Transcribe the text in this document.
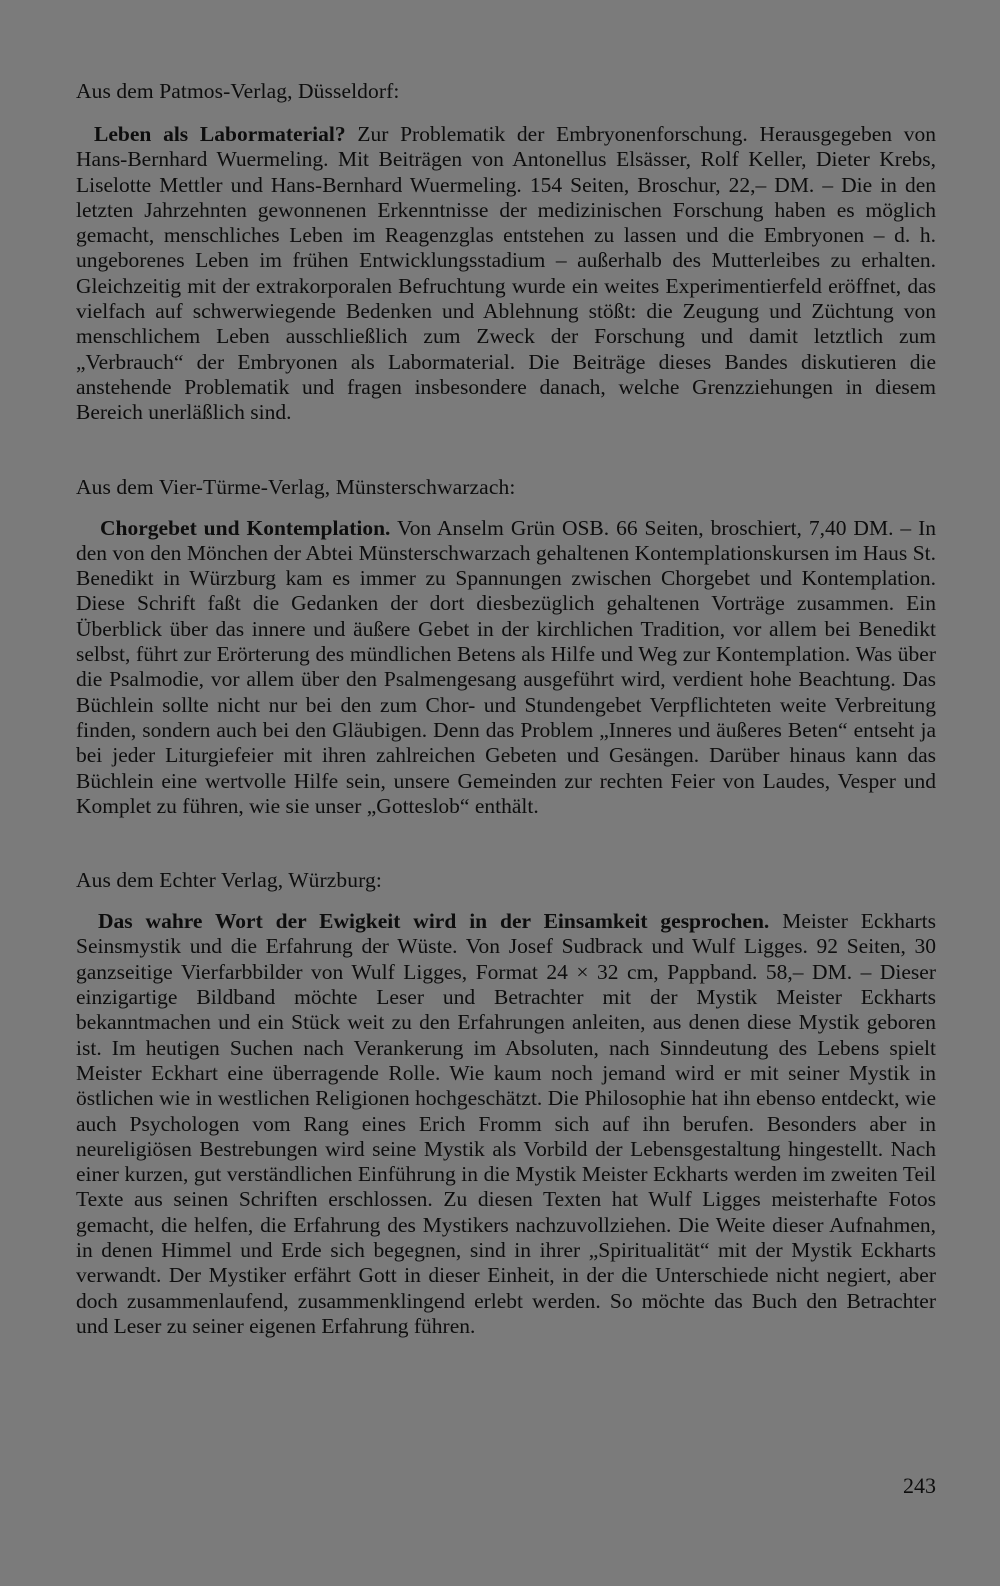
Aus dem Patmos-Verlag, Düsseldorf:

Leben als Labormaterial? Zur Problematik der Embryonenforschung. Herausgegeben von Hans-Bernhard Wuermeling. Mit Beiträgen von Antonellus Elsässer, Rolf Keller, Dieter Krebs, Liselotte Mettler und Hans-Bernhard Wuermeling. 154 Seiten, Broschur, 22,– DM. – Die in den letzten Jahrzehnten gewonnenen Erkenntnisse der medizinischen Forschung haben es möglich gemacht, menschliches Leben im Reagenzglas entstehen zu lassen und die Embryonen – d. h. ungeborenes Leben im frühen Entwicklungsstadium – außerhalb des Mutterleibes zu erhalten. Gleichzeitig mit der extrakorporalen Befruchtung wurde ein weites Experimentierfeld eröffnet, das vielfach auf schwerwiegende Bedenken und Ablehnung stößt: die Zeugung und Züchtung von menschlichem Leben ausschließlich zum Zweck der Forschung und damit letztlich zum „Verbrauch“ der Embryonen als Labormaterial. Die Beiträge dieses Bandes diskutieren die anstehende Problematik und fragen insbesondere danach, welche Grenzziehungen in diesem Bereich unerläßlich sind.

Aus dem Vier-Türme-Verlag, Münsterschwarzach:

Chorgebet und Kontemplation. Von Anselm Grün OSB. 66 Seiten, broschiert, 7,40 DM. – In den von den Mönchen der Abtei Münsterschwarzach gehaltenen Kontemplationskursen im Haus St. Benedikt in Würzburg kam es immer zu Spannungen zwischen Chorgebet und Kontemplation. Diese Schrift faßt die Gedanken der dort diesbezüglich gehaltenen Vorträge zusammen. Ein Überblick über das innere und äußere Gebet in der kirchlichen Tradition, vor allem bei Benedikt selbst, führt zur Erörterung des mündlichen Betens als Hilfe und Weg zur Kontemplation. Was über die Psalmodie, vor allem über den Psalmengesang ausgeführt wird, verdient hohe Beachtung. Das Büchlein sollte nicht nur bei den zum Chor- und Stundengebet Verpflichteten weite Verbreitung finden, sondern auch bei den Gläubigen. Denn das Problem „Inneres und äußeres Beten“ entseht ja bei jeder Liturgiefeier mit ihren zahlreichen Gebeten und Gesängen. Darüber hinaus kann das Büchlein eine wertvolle Hilfe sein, unsere Gemeinden zur rechten Feier von Laudes, Vesper und Komplet zu führen, wie sie unser „Gotteslob“ enthält.

Aus dem Echter Verlag, Würzburg:

Das wahre Wort der Ewigkeit wird in der Einsamkeit gesprochen. Meister Eckharts Seinsmystik und die Erfahrung der Wüste. Von Josef Sudbrack und Wulf Ligges. 92 Seiten, 30 ganzseitige Vierfarbbilder von Wulf Ligges, Format 24 × 32 cm, Pappband. 58,– DM. – Dieser einzigartige Bildband möchte Leser und Betrachter mit der Mystik Meister Eckharts bekanntmachen und ein Stück weit zu den Erfahrungen anleiten, aus denen diese Mystik geboren ist. Im heutigen Suchen nach Verankerung im Absoluten, nach Sinndeutung des Lebens spielt Meister Eckhart eine überragende Rolle. Wie kaum noch jemand wird er mit seiner Mystik in östlichen wie in westlichen Religionen hochgeschätzt. Die Philosophie hat ihn ebenso entdeckt, wie auch Psychologen vom Rang eines Erich Fromm sich auf ihn berufen. Besonders aber in neureligiösen Bestrebungen wird seine Mystik als Vorbild der Lebensgestaltung hingestellt. Nach einer kurzen, gut verständlichen Einführung in die Mystik Meister Eckharts werden im zweiten Teil Texte aus seinen Schriften erschlossen. Zu diesen Texten hat Wulf Ligges meisterhafte Fotos gemacht, die helfen, die Erfahrung des Mystikers nachzuvollziehen. Die Weite dieser Aufnahmen, in denen Himmel und Erde sich begegnen, sind in ihrer „Spiritualität“ mit der Mystik Eckharts verwandt. Der Mystiker erfährt Gott in dieser Einheit, in der die Unterschiede nicht negiert, aber doch zusammenlaufend, zusammenklingend erlebt werden. So möchte das Buch den Betrachter und Leser zu seiner eigenen Erfahrung führen.

243
